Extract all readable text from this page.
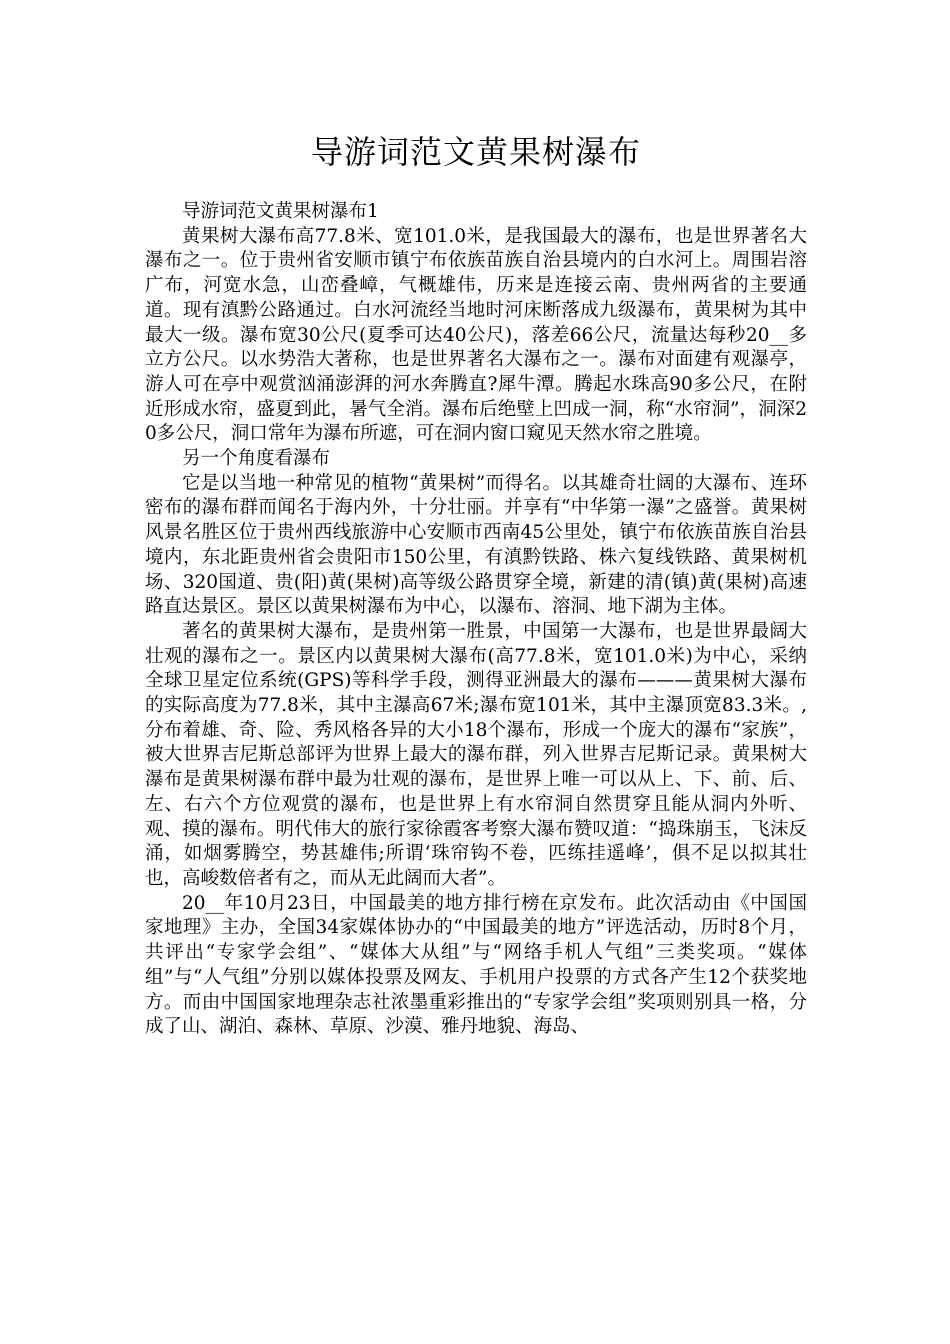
导游词范文黄果树瀑布

导游词范文黄果树瀑布1

黄果树大瀑布高77.8米、宽101.0米，是我国最大的瀑布，也是世界著名大瀑布之一。位于贵州省安顺市镇宁布依族苗族自治县境内的白水河上。周围岩溶广布，河宽水急，山峦叠嶂，气概雄伟，历来是连接云南、贵州两省的主要通道。现有滇黔公路通过。白水河流经当地时河床断落成九级瀑布，黄果树为其中最大一级。瀑布宽30公尺(夏季可达40公尺)，落差66公尺，流量达每秒20__多立方公尺。以水势浩大著称，也是世界著名大瀑布之一。瀑布对面建有观瀑亭，游人可在亭中观赏汹涌澎湃的河水奔腾直?犀牛潭。腾起水珠高90多公尺，在附近形成水帘，盛夏到此，暑气全消。瀑布后绝壁上凹成一洞，称“水帘洞”，洞深20多公尺，洞口常年为瀑布所遮，可在洞内窗口窥见天然水帘之胜境。

另一个角度看瀑布

它是以当地一种常见的植物“黄果树”而得名。以其雄奇壮阔的大瀑布、连环密布的瀑布群而闻名于海内外，十分壮丽。并享有“中华第一瀑”之盛誉。黄果树风景名胜区位于贵州西线旅游中心安顺市西南45公里处，镇宁布依族苗族自治县境内，东北距贵州省会贵阳市150公里，有滇黔铁路、株六复线铁路、黄果树机场、320国道、贵(阳)黄(果树)高等级公路贯穿全境，新建的清(镇)黄(果树)高速路直达景区。景区以黄果树瀑布为中心，以瀑布、溶洞、地下湖为主体。

著名的黄果树大瀑布，是贵州第一胜景，中国第一大瀑布，也是世界最阔大壮观的瀑布之一。景区内以黄果树大瀑布(高77.8米，宽101.0米)为中心，采纳全球卫星定位系统(GPS)等科学手段，测得亚洲最大的瀑布———黄果树大瀑布的实际高度为77.8米，其中主瀑高67米;瀑布宽101米，其中主瀑顶宽83.3米。,分布着雄、奇、险、秀风格各异的大小18个瀑布，形成一个庞大的瀑布“家族”，被大世界吉尼斯总部评为世界上最大的瀑布群，列入世界吉尼斯记录。黄果树大瀑布是黄果树瀑布群中最为壮观的瀑布，是世界上唯一可以从上、下、前、后、左、右六个方位观赏的瀑布，也是世界上有水帘洞自然贯穿且能从洞内外听、观、摸的瀑布。明代伟大的旅行家徐霞客考察大瀑布赞叹道：“捣珠崩玉，飞沫反涌，如烟雾腾空，势甚雄伟;所谓‘珠帘钩不卷，匹练挂遥峰’，俱不足以拟其壮也，高峻数倍者有之，而从无此阔而大者”。

20__年10月23日，中国最美的地方排行榜在京发布。此次活动由《中国国家地理》主办，全国34家媒体协办的“中国最美的地方”评选活动，历时8个月，共评出“专家学会组”、“媒体大从组”与“网络手机人气组”三类奖项。“媒体组”与“人气组”分别以媒体投票及网友、手机用户投票的方式各产生12个获奖地方。而由中国国家地理杂志社浓墨重彩推出的“专家学会组”奖项则别具一格，分成了山、湖泊、森林、草原、沙漠、雅丹地貌、海岛、
